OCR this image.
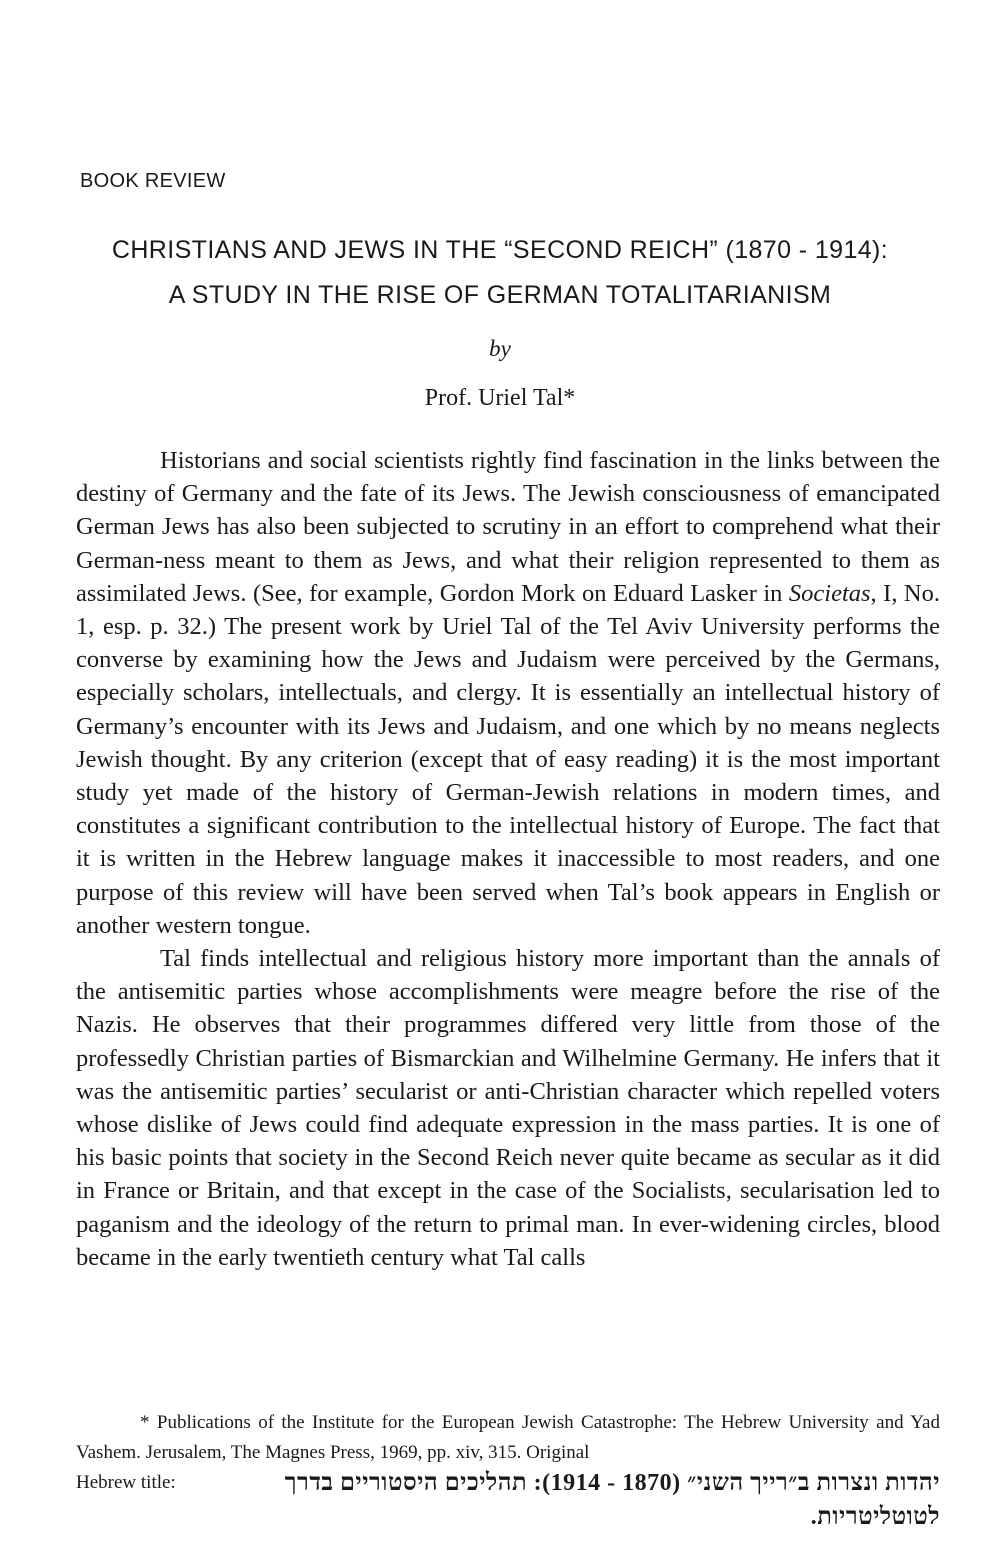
BOOK REVIEW
CHRISTIANS AND JEWS IN THE “SECOND REICH” (1870 - 1914):
A STUDY IN THE RISE OF GERMAN TOTALITARIANISM
by
Prof. Uriel Tal*

Historians and social scientists rightly find fascination in the links between the destiny of Germany and the fate of its Jews. The Jewish consciousness of emancipated German Jews has also been subjected to scrutiny in an effort to comprehend what their German-ness meant to them as Jews, and what their religion represented to them as assimilated Jews. (See, for example, Gordon Mork on Eduard Lasker in Societas, I, No. 1, esp. p. 32.) The present work by Uriel Tal of the Tel Aviv University performs the converse by examining how the Jews and Judaism were perceived by the Germans, especially scholars, intellectuals, and clergy. It is essentially an intellectual history of Germany’s encounter with its Jews and Judaism, and one which by no means neglects Jewish thought. By any criterion (except that of easy reading) it is the most important study yet made of the history of German-Jewish relations in modern times, and constitutes a significant contribution to the intellectual history of Europe. The fact that it is written in the Hebrew language makes it inaccessible to most readers, and one purpose of this review will have been served when Tal’s book appears in English or another western tongue.

Tal finds intellectual and religious history more important than the annals of the antisemitic parties whose accomplishments were meagre before the rise of the Nazis. He observes that their programmes differed very little from those of the professedly Christian parties of Bismarckian and Wilhelmine Germany. He infers that it was the antisemitic parties’ secularist or anti-Christian character which repelled voters whose dislike of Jews could find adequate expression in the mass parties. It is one of his basic points that society in the Second Reich never quite became as secular as it did in France or Britain, and that except in the case of the Socialists, secularisation led to paganism and the ideology of the return to primal man. In ever-widening circles, blood became in the early twentieth century what Tal calls

* Publications of the Institute for the European Jewish Catastrophe: The Hebrew University and Yad Vashem. Jerusalem, The Magnes Press, 1969, pp. xiv, 315. Original

Hebrew title:	יהדות ונצרות ב״רייך השני״ (1870 - 1914): תהליכים היסטוריים בדרך
לטוטליטריות.
